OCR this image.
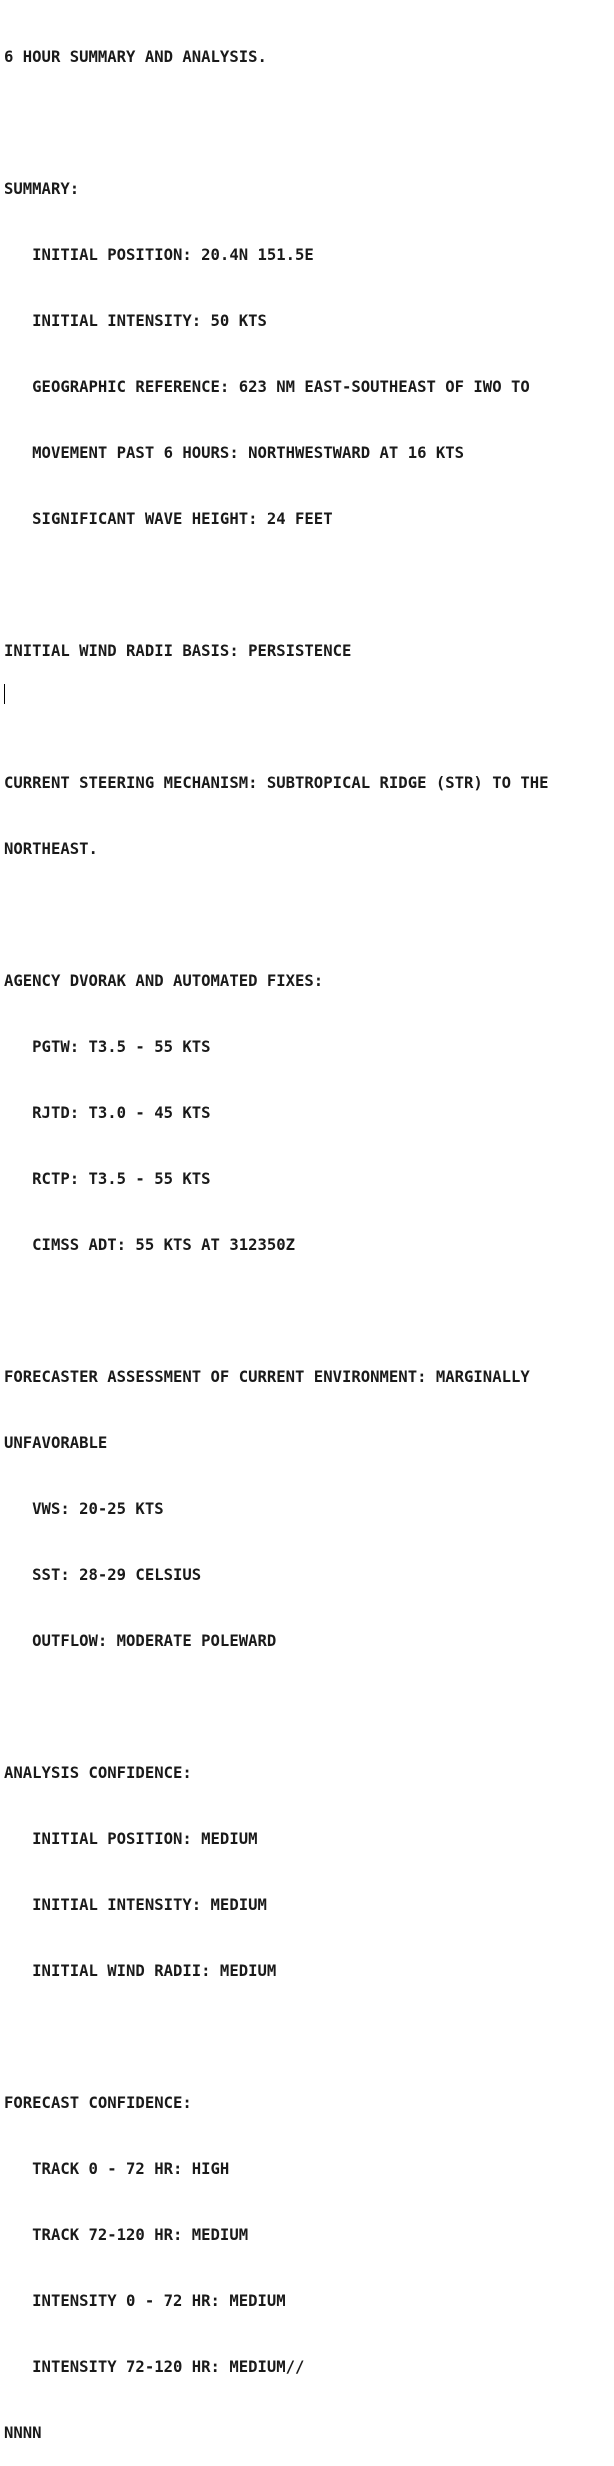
6 HOUR SUMMARY AND ANALYSIS.

SUMMARY:

INITIAL POSITION: 20.4N 151.5E

INITIAL INTENSITY: 50 KTS

GEOGRAPHIC REFERENCE: 623 NM EAST-SOUTHEAST OF IWO TO

MOVEMENT PAST 6 HOURS: NORTHWESTWARD AT 16 KTS

SIGNIFICANT WAVE HEIGHT: 24 FEET

INITIAL WIND RADII BASIS: PERSISTENCE

CURRENT STEERING MECHANISM: SUBTROPICAL RIDGE (STR) TO THE

NORTHEAST.

AGENCY DVORAK AND AUTOMATED FIXES:

PGTW: T3.5 - 55 KTS

RJTD: T3.0 - 45 KTS

RCTP: T3.5 - 55 KTS

CIMSS ADT: 55 KTS AT 312350Z

FORECASTER ASSESSMENT OF CURRENT ENVIRONMENT: MARGINALLY

UNFAVORABLE

VWS: 20-25 KTS

SST: 28-29 CELSIUS

OUTFLOW: MODERATE POLEWARD

ANALYSIS CONFIDENCE:

INITIAL POSITION: MEDIUM

INITIAL INTENSITY: MEDIUM

INITIAL WIND RADII: MEDIUM

FORECAST CONFIDENCE:

TRACK 0 - 72 HR: HIGH

TRACK 72-120 HR: MEDIUM

INTENSITY 0 - 72 HR: MEDIUM

INTENSITY 72-120 HR: MEDIUM//

NNNN
